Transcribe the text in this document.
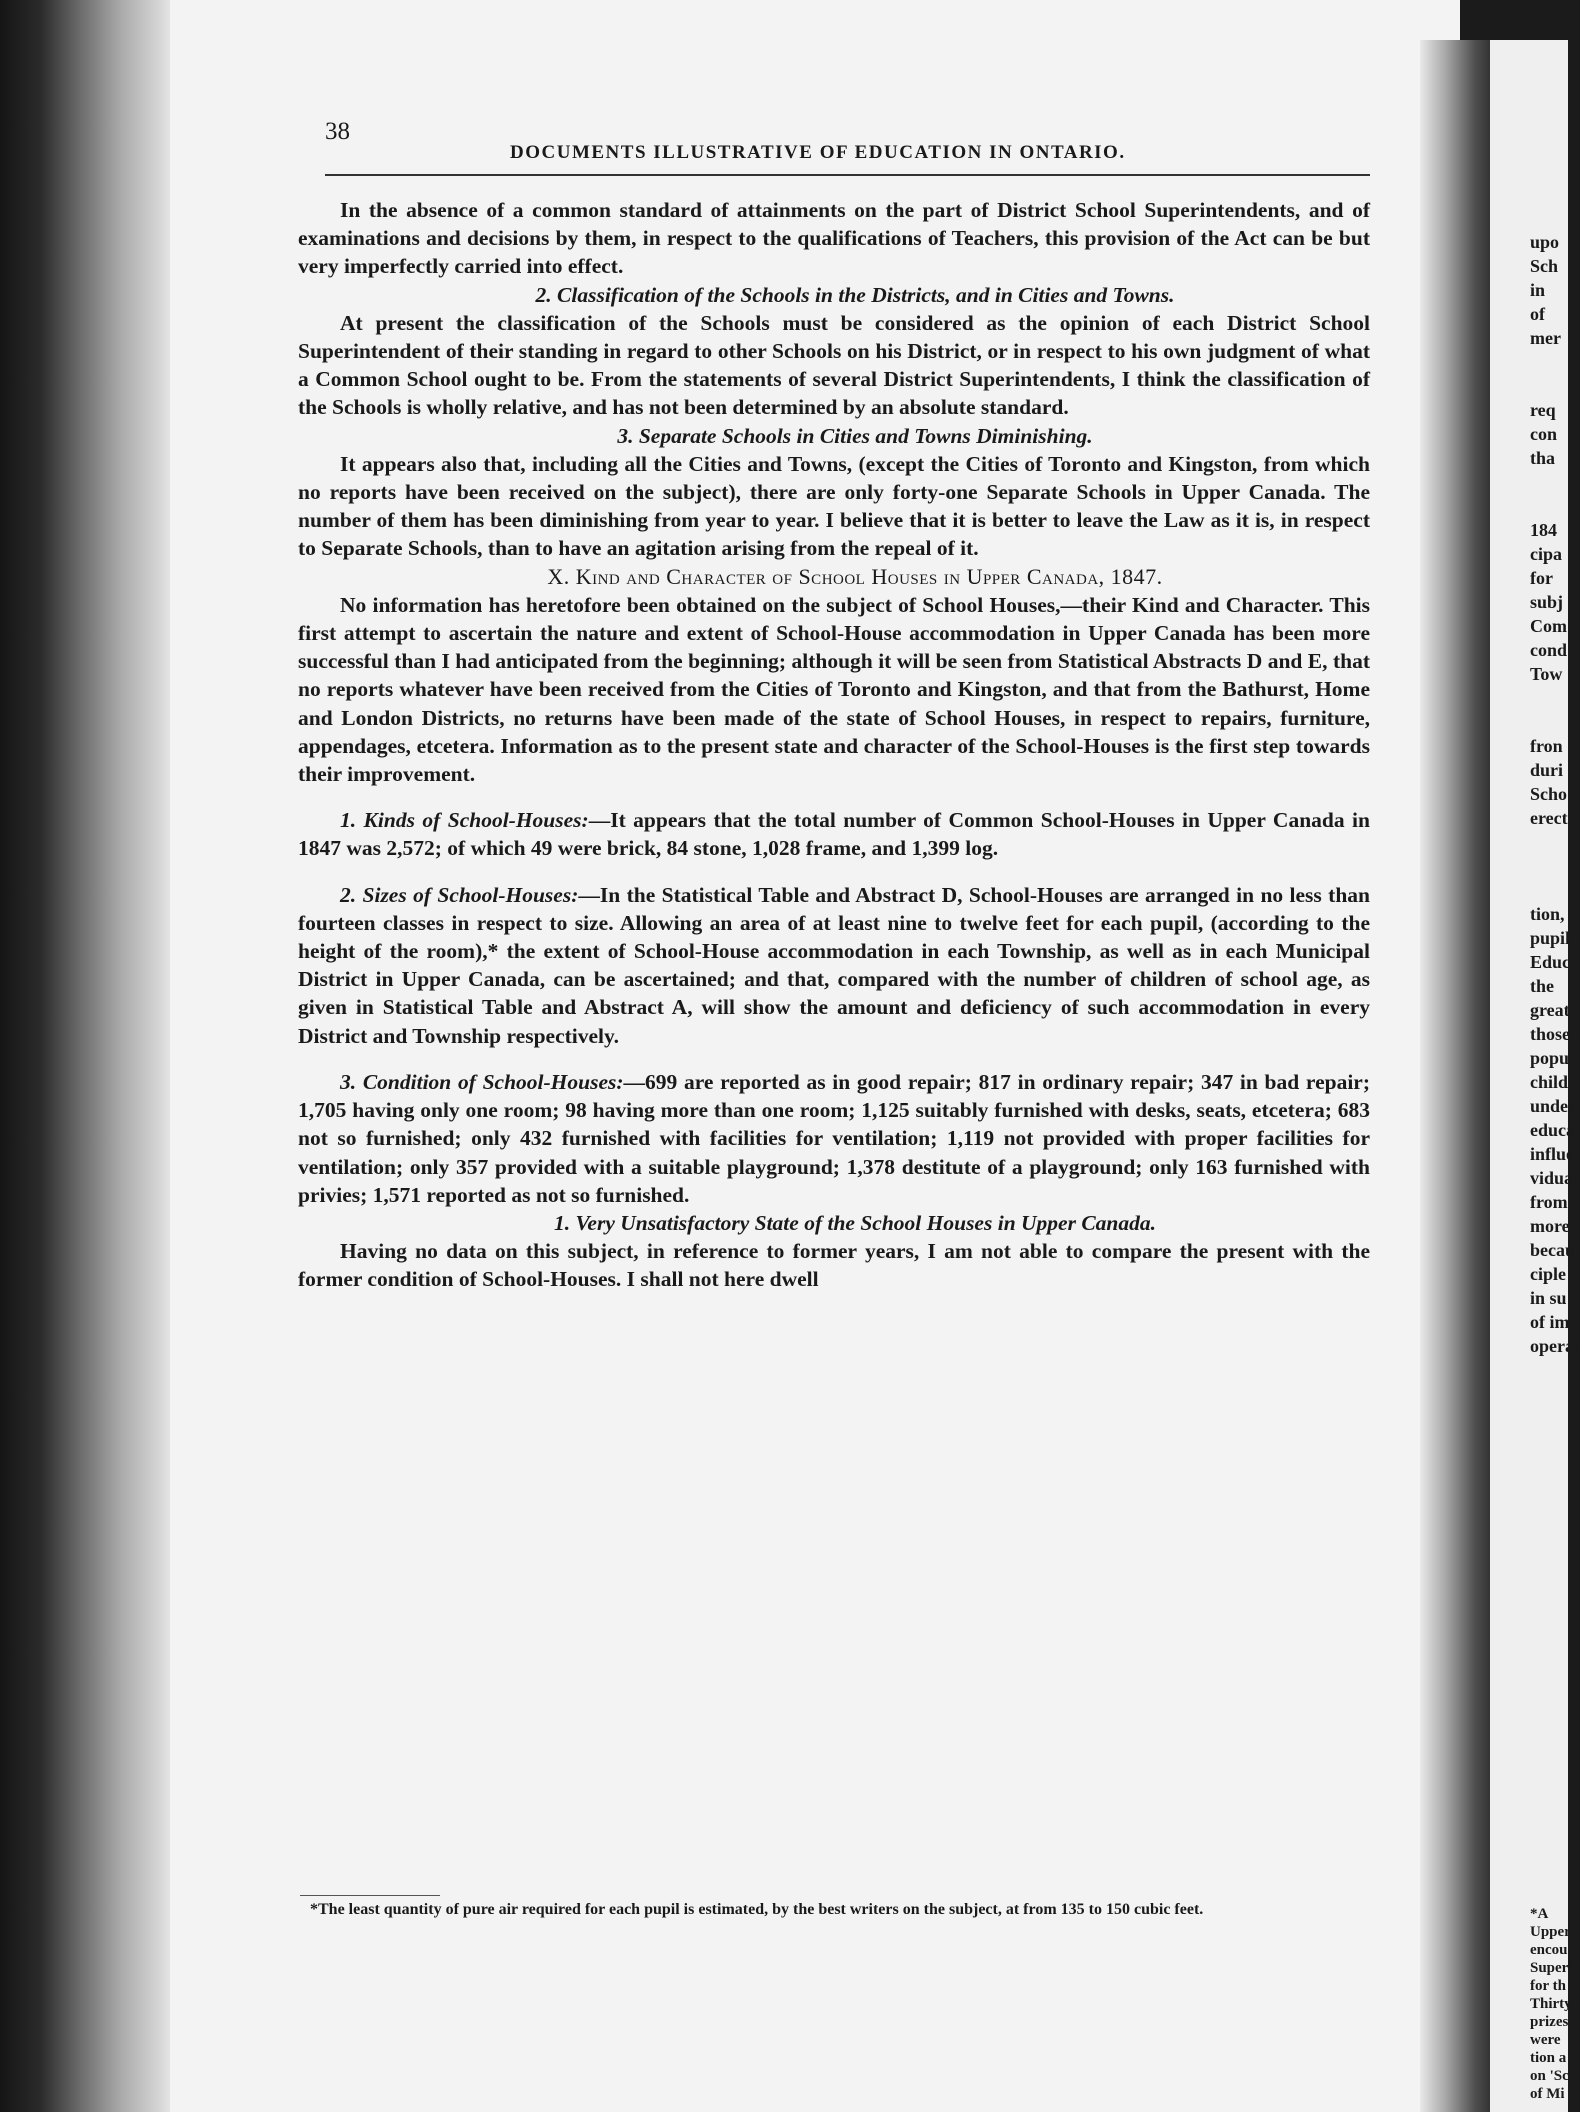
38
DOCUMENTS ILLUSTRATIVE OF EDUCATION IN ONTARIO.

In the absence of a common standard of attainments on the part of District School Superintendents, and of examinations and decisions by them, in respect to the qualifications of Teachers, this provision of the Act can be but very imperfectly carried into effect.

2. Classification of the Schools in the Districts, and in Cities and Towns.

At present the classification of the Schools must be considered as the opinion of each District School Superintendent of their standing in regard to other Schools on his District, or in respect to his own judgment of what a Common School ought to be. From the statements of several District Superintendents, I think the classification of the Schools is wholly relative, and has not been determined by an absolute standard.

3. Separate Schools in Cities and Towns Diminishing.

It appears also that, including all the Cities and Towns, (except the Cities of Toronto and Kingston, from which no reports have been received on the subject), there are only forty-one Separate Schools in Upper Canada. The number of them has been diminishing from year to year. I believe that it is better to leave the Law as it is, in respect to Separate Schools, than to have an agitation arising from the repeal of it.

X. Kind and Character of School Houses in Upper Canada, 1847.

No information has heretofore been obtained on the subject of School Houses,—their Kind and Character. This first attempt to ascertain the nature and extent of School-House accommodation in Upper Canada has been more successful than I had anticipated from the beginning; although it will be seen from Statistical Abstracts D and E, that no reports whatever have been received from the Cities of Toronto and Kingston, and that from the Bathurst, Home and London Districts, no returns have been made of the state of School Houses, in respect to repairs, furniture, appendages, etcetera. Information as to the present state and character of the School-Houses is the first step towards their improvement.

1. Kinds of School-Houses:—It appears that the total number of Common School-Houses in Upper Canada in 1847 was 2,572; of which 49 were brick, 84 stone, 1,028 frame, and 1,399 log.

2. Sizes of School-Houses:—In the Statistical Table and Abstract D, School-Houses are arranged in no less than fourteen classes in respect to size. Allowing an area of at least nine to twelve feet for each pupil, (according to the height of the room),* the extent of School-House accommodation in each Township, as well as in each Municipal District in Upper Canada, can be ascertained; and that, compared with the number of children of school age, as given in Statistical Table and Abstract A, will show the amount and deficiency of such accommodation in every District and Township respectively.

3. Condition of School-Houses:—699 are reported as in good repair; 817 in ordinary repair; 347 in bad repair; 1,705 having only one room; 98 having more than one room; 1,125 suitably furnished with desks, seats, etcetera; 683 not so furnished; only 432 furnished with facilities for ventilation; 1,119 not provided with proper facilities for ventilation; only 357 provided with a suitable playground; 1,378 destitute of a playground; only 163 furnished with privies; 1,571 reported as not so furnished.

1. Very Unsatisfactory State of the School Houses in Upper Canada.

Having no data on this subject, in reference to former years, I am not able to compare the present with the former condition of School-Houses. I shall not here dwell

*The least quantity of pure air required for each pupil is estimated, by the best writers on the subject, at from 135 to 150 cubic feet.

upo
Sch
in
of
mer
req
con
tha
184
cipa
for
subj
Com
cond
Tow
fron
duri
Scho
erect
tion,
pupil
Educ
the
great
those
popu
child
under
educa
influe
vidua
from
more
becau
ciple
in su
of im
operat
*A
Upper
encou
Superi
for th
Thirty
prizes
were
tion a
on 'Sc
of Mi
